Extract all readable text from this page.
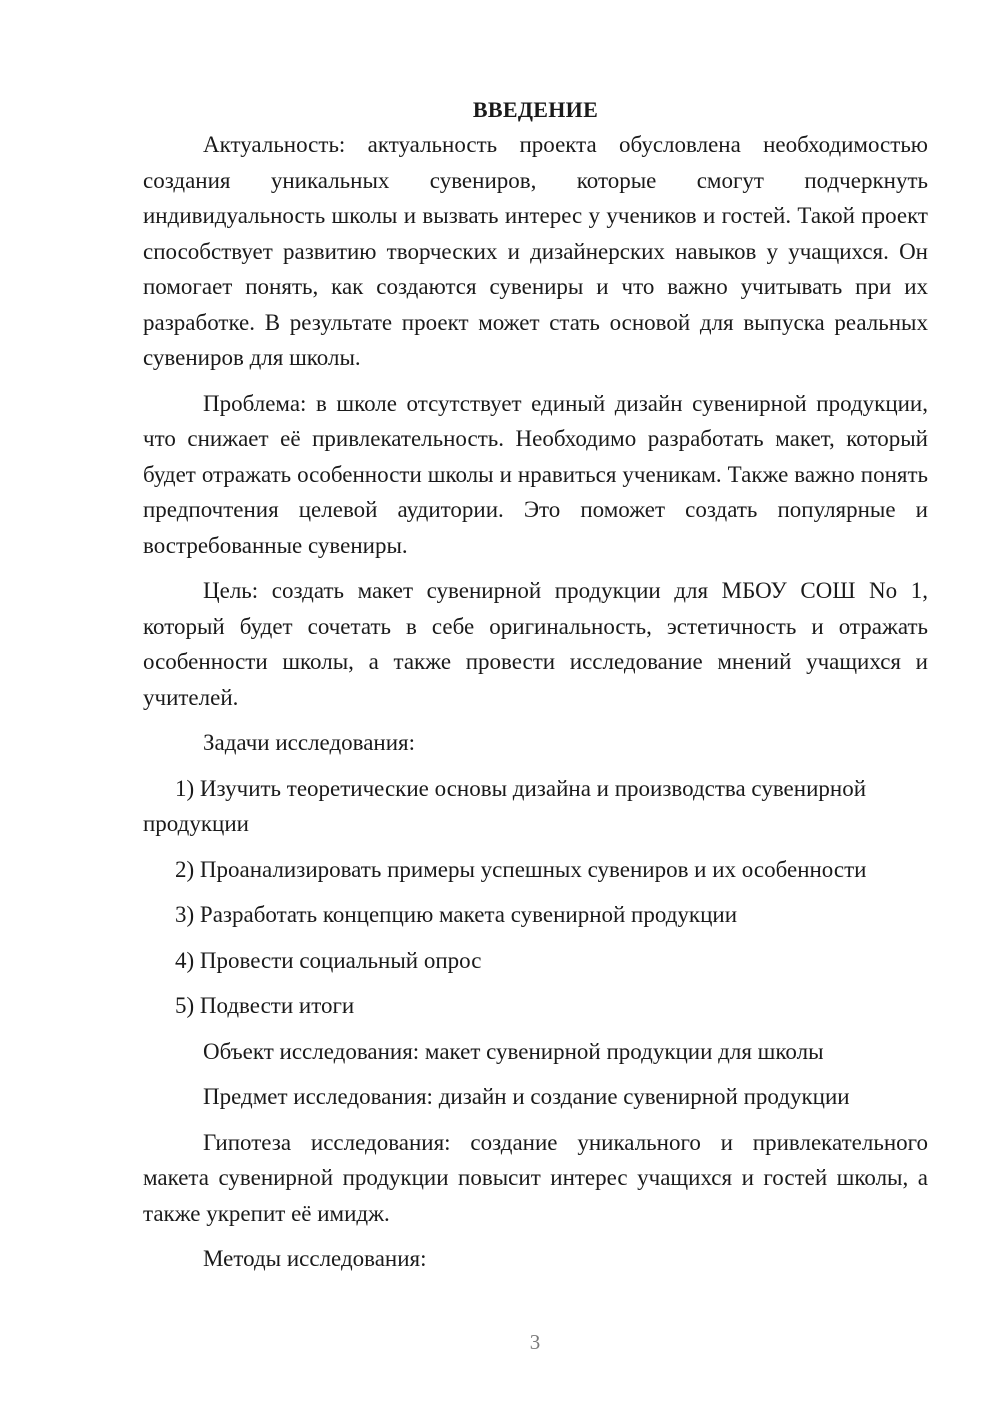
ВВЕДЕНИЕ

Актуальность: актуальность проекта обусловлена необходимостью создания уникальных сувениров, которые смогут подчеркнуть индивидуальность школы и вызвать интерес у учеников и гостей. Такой проект способствует развитию творческих и дизайнерских навыков у учащихся. Он помогает понять, как создаются сувениры и что важно учитывать при их разработке. В результате проект может стать основой для выпуска реальных сувениров для школы.

Проблема: в школе отсутствует единый дизайн сувенирной продукции, что снижает её привлекательность. Необходимо разработать макет, который будет отражать особенности школы и нравиться ученикам. Также важно понять предпочтения целевой аудитории. Это поможет создать популярные и востребованные сувениры.

Цель: создать макет сувенирной продукции для МБОУ СОШ No 1, который будет сочетать в себе оригинальность, эстетичность и отражать особенности школы, а также провести исследование мнений учащихся и учителей.

Задачи исследования:

1) Изучить теоретические основы дизайна и производства сувенирной продукции

2) Проанализировать примеры успешных сувениров и их особенности

3) Разработать концепцию макета сувенирной продукции

4) Провести социальный опрос

5) Подвести итоги

Объект исследования: макет сувенирной продукции для школы

Предмет исследования: дизайн и создание сувенирной продукции

Гипотеза исследования: создание уникального и привлекательного макета сувенирной продукции повысит интерес учащихся и гостей школы, а также укрепит её имидж.

Методы исследования:

3
